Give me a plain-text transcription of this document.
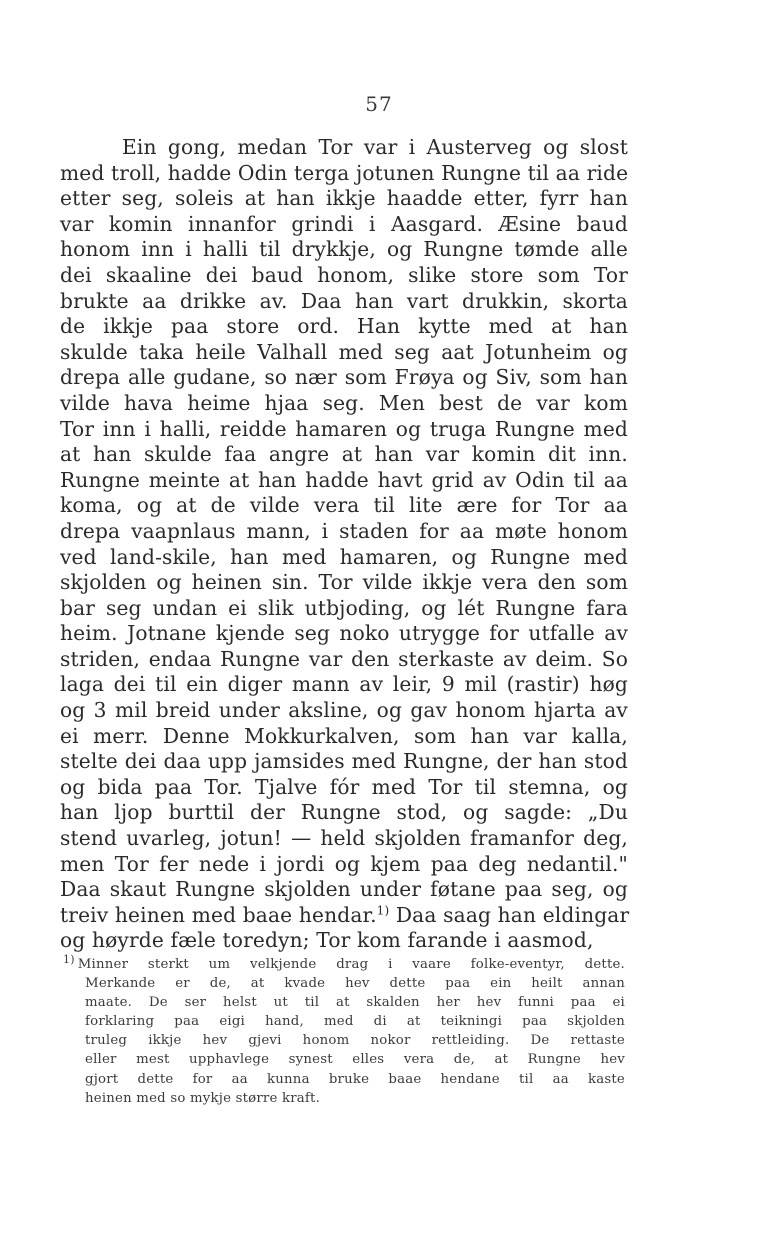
57
Ein gong, medan Tor var i Austerveg og slost
med troll, hadde Odin terga jotunen Rungne til aa ride
etter seg, soleis at han ikkje haadde etter, fyrr han
var komin innanfor grindi i Aasgard. Æsine baud
honom inn i halli til drykkje, og Rungne tømde alle
dei skaaline dei baud honom, slike store som Tor
brukte aa drikke av. Daa han vart drukkin, skorta
de ikkje paa store ord. Han kytte med at han
skulde taka heile Valhall med seg aat Jotunheim og
drepa alle gudane, so nær som Frøya og Siv, som han
vilde hava heime hjaa seg. Men best de var kom
Tor inn i halli, reidde hamaren og truga Rungne med
at han skulde faa angre at han var komin dit inn.
Rungne meinte at han hadde havt grid av Odin til aa
koma, og at de vilde vera til lite ære for Tor aa
drepa vaapnlaus mann, i staden for aa møte honom
ved land-skile, han med hamaren, og Rungne med
skjolden og heinen sin. Tor vilde ikkje vera den som
bar seg undan ei slik utbjoding, og lét Rungne fara
heim. Jotnane kjende seg noko utrygge for utfalle av
striden, endaa Rungne var den sterkaste av deim. So
laga dei til ein diger mann av leir, 9 mil (rastir) høg
og 3 mil breid under aksline, og gav honom hjarta av
ei merr. Denne Mokkurkalven, som han var kalla,
stelte dei daa upp jamsides med Rungne, der han stod
og bida paa Tor. Tjalve fór med Tor til stemna, og
han ljop burttil der Rungne stod, og sagde: „Du
stend uvarleg, jotun! — held skjolden framanfor deg,
men Tor fer nede i jordi og kjem paa deg nedantil."
Daa skaut Rungne skjolden under føtane paa seg, og
treiv heinen med baae hendar.$^{1)}$ Daa saag han eldingar
og høyrde fæle toredyn; Tor kom farande i aasmod,
$^{1)}$ Minner sterkt um velkjende drag i vaare folke-eventyr, dette.
Merkande er de, at kvade hev dette paa ein heilt annan
maate. De ser helst ut til at skalden her hev funni paa ei
forklaring paa eigi hand, med di at teikningi paa skjolden
truleg ikkje hev gjevi honom nokor rettleiding. De rettaste
eller mest upphavlege synest elles vera de, at Rungne hev
gjort dette for aa kunna bruke baae hendane til aa kaste
heinen med so mykje større kraft.
